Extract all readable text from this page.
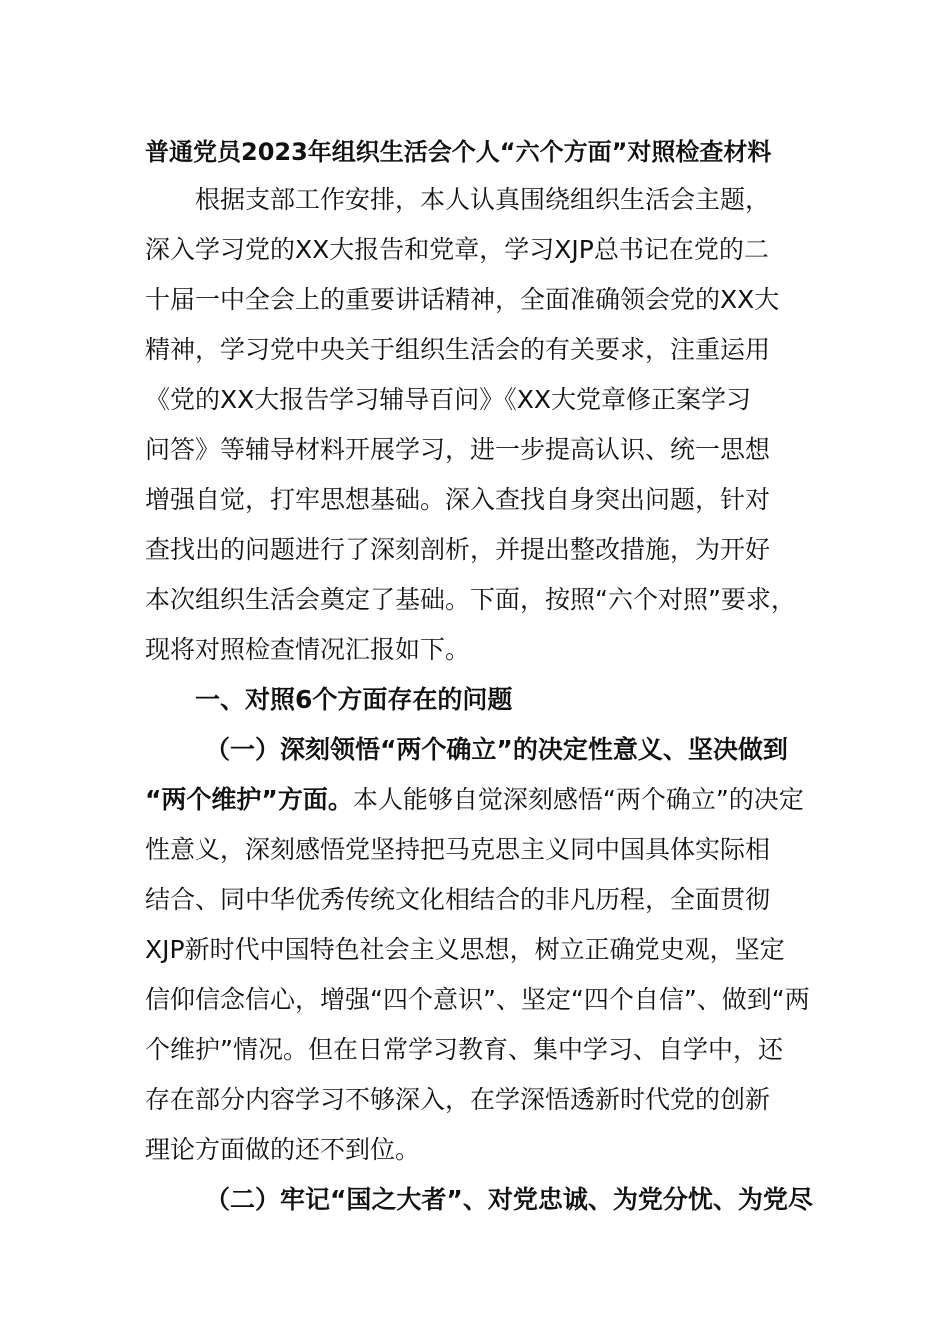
普通党员2023年组织生活会个人“六个方面”对照检查材料
根据支部工作安排，本人认真围绕组织生活会主题，
深入学习党的XX大报告和党章，学习XJP总书记在党的二
十届一中全会上的重要讲话精神，全面准确领会党的XX大
精神，学习党中央关于组织生活会的有关要求，注重运用
《党的XX大报告学习辅导百问》《XX大党章修正案学习
问答》等辅导材料开展学习，进一步提高认识、统一思想
增强自觉，打牢思想基础。深入查找自身突出问题，针对
查找出的问题进行了深刻剖析，并提出整改措施，为开好
本次组织生活会奠定了基础。下面，按照“六个对照”要求，
现将对照检查情况汇报如下。
一、对照6个方面存在的问题
（一）深刻领悟“两个确立”的决定性意义、坚决做到
“两个维护”方面。本人能够自觉深刻感悟“两个确立”的决定
性意义，深刻感悟党坚持把马克思主义同中国具体实际相
结合、同中华优秀传统文化相结合的非凡历程，全面贯彻
XJP新时代中国特色社会主义思想，树立正确党史观，坚定
信仰信念信心，增强“四个意识”、坚定“四个自信”、做到“两
个维护”情况。但在日常学习教育、集中学习、自学中，还
存在部分内容学习不够深入，在学深悟透新时代党的创新
理论方面做的还不到位。
（二）牢记“国之大者”、对党忠诚、为党分忧、为党尽
